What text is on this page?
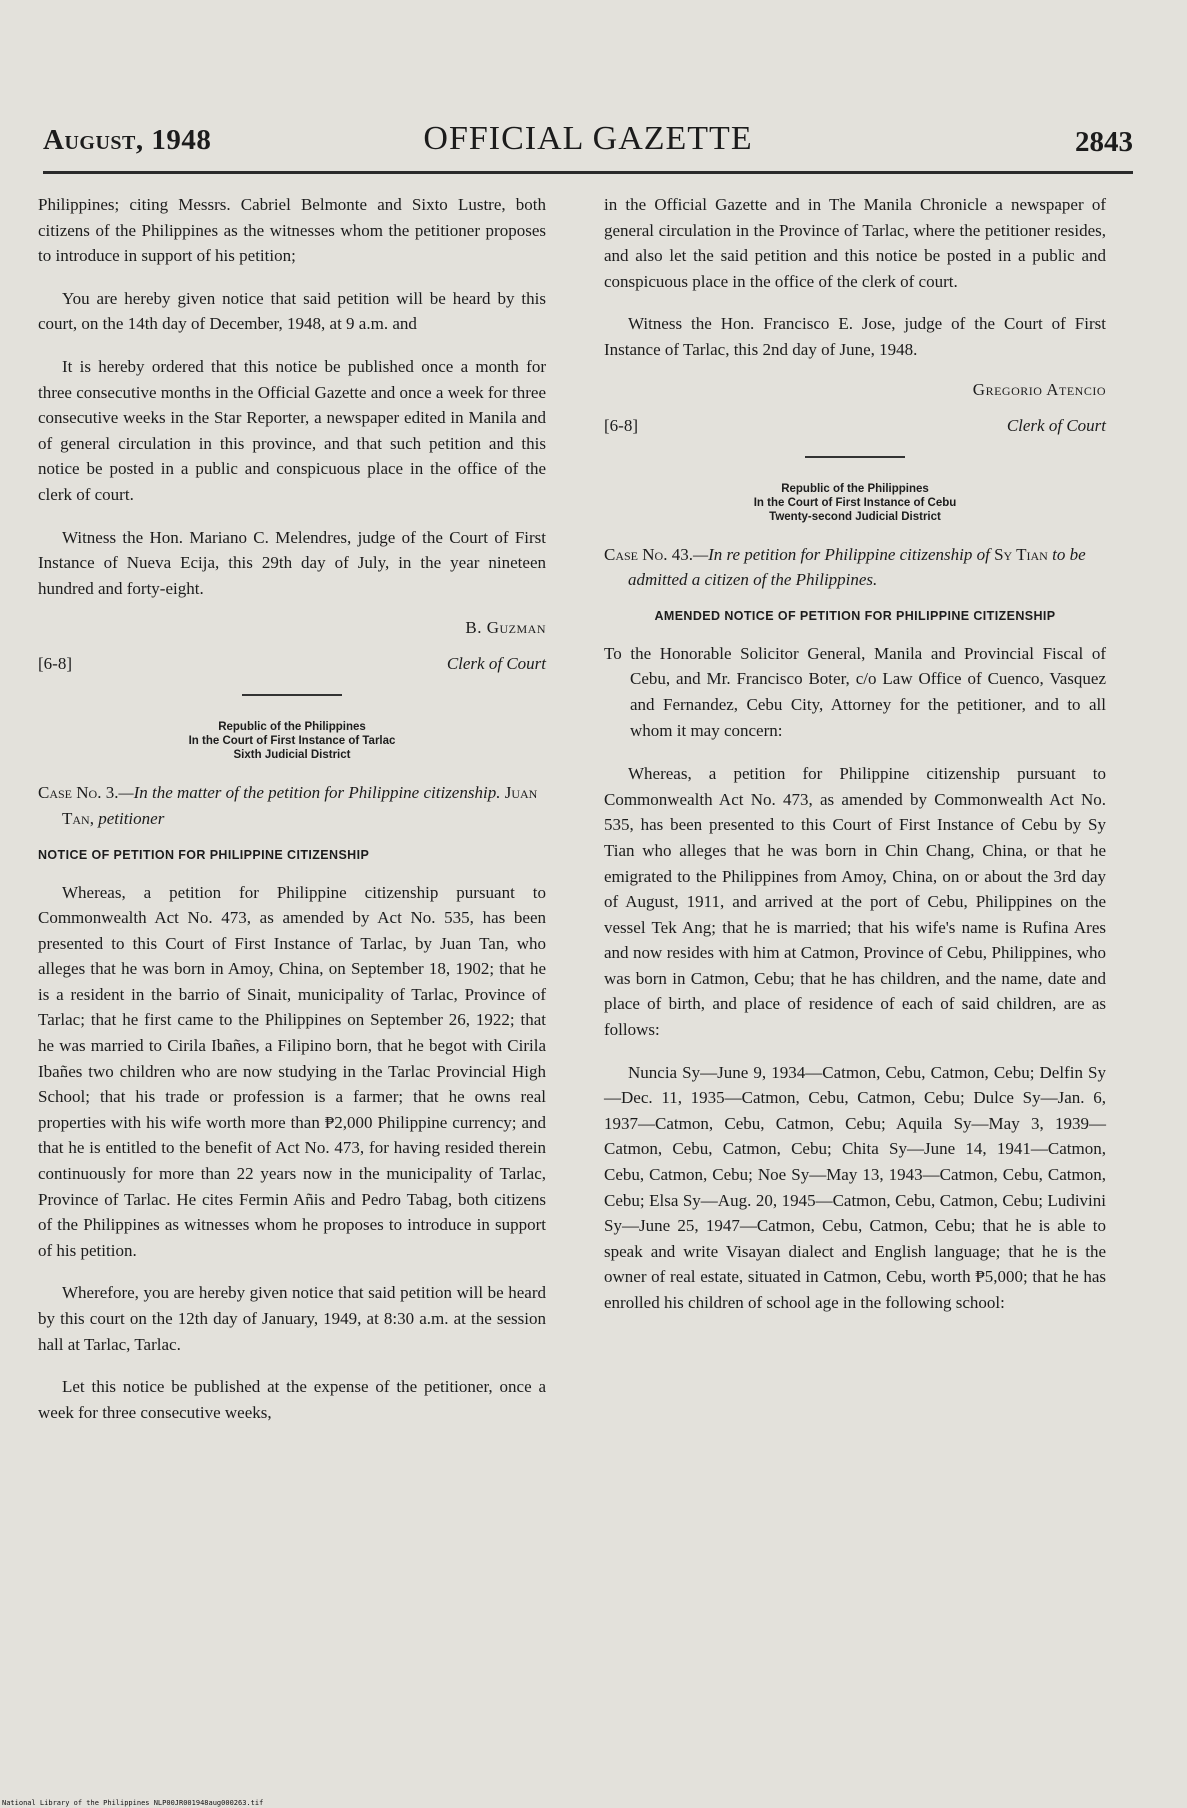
August, 1948	OFFICIAL GAZETTE	2843

Philippines; citing Messrs. Cabriel Belmonte and Sixto Lustre, both citizens of the Philippines as the witnesses whom the petitioner proposes to introduce in support of his petition;

You are hereby given notice that said petition will be heard by this court, on the 14th day of December, 1948, at 9 a.m. and

It is hereby ordered that this notice be published once a month for three consecutive months in the Official Gazette and once a week for three consecutive weeks in the Star Reporter, a newspaper edited in Manila and of general circulation in this province, and that such petition and this notice be posted in a public and conspicuous place in the office of the clerk of court.

Witness the Hon. Mariano C. Melendres, judge of the Court of First Instance of Nueva Ecija, this 29th day of July, in the year nineteen hundred and forty-eight.

B. Guzman
[6-8]	Clerk of Court
Republic of the Philippines
In the Court of First Instance of Tarlac
Sixth Judicial District
Case No. 3.—In the matter of the petition for Philippine citizenship. Juan Tan, petitioner
NOTICE OF PETITION FOR PHILIPPINE CITIZENSHIP

Whereas, a petition for Philippine citizenship pursuant to Commonwealth Act No. 473, as amended by Act No. 535, has been presented to this Court of First Instance of Tarlac, by Juan Tan, who alleges that he was born in Amoy, China, on September 18, 1902; that he is a resident in the barrio of Sinait, municipality of Tarlac, Province of Tarlac; that he first came to the Philippines on September 26, 1922; that he was married to Cirila Ibañes, a Filipino born, that he begot with Cirila Ibañes two children who are now studying in the Tarlac Provincial High School; that his trade or profession is a farmer; that he owns real properties with his wife worth more than ₱2,000 Philippine currency; and that he is entitled to the benefit of Act No. 473, for having resided therein continuously for more than 22 years now in the municipality of Tarlac, Province of Tarlac. He cites Fermin Añis and Pedro Tabag, both citizens of the Philippines as witnesses whom he proposes to introduce in support of his petition.

Wherefore, you are hereby given notice that said petition will be heard by this court on the 12th day of January, 1949, at 8:30 a.m. at the session hall at Tarlac, Tarlac.

Let this notice be published at the expense of the petitioner, once a week for three consecutive weeks,

in the Official Gazette and in The Manila Chronicle a newspaper of general circulation in the Province of Tarlac, where the petitioner resides, and also let the said petition and this notice be posted in a public and conspicuous place in the office of the clerk of court.

Witness the Hon. Francisco E. Jose, judge of the Court of First Instance of Tarlac, this 2nd day of June, 1948.

Gregorio Atencio
[6-8]	Clerk of Court
Republic of the Philippines
In the Court of First Instance of Cebu
Twenty-second Judicial District
Case No. 43.—In re petition for Philippine citizenship of Sy Tian to be admitted a citizen of the Philippines.
AMENDED NOTICE OF PETITION FOR PHILIPPINE CITIZENSHIP
To the Honorable Solicitor General, Manila and Provincial Fiscal of Cebu, and Mr. Francisco Boter, c/o Law Office of Cuenco, Vasquez and Fernandez, Cebu City, Attorney for the petitioner, and to all whom it may concern:

Whereas, a petition for Philippine citizenship pursuant to Commonwealth Act No. 473, as amended by Commonwealth Act No. 535, has been presented to this Court of First Instance of Cebu by Sy Tian who alleges that he was born in Chin Chang, China, or that he emigrated to the Philippines from Amoy, China, on or about the 3rd day of August, 1911, and arrived at the port of Cebu, Philippines on the vessel Tek Ang; that he is married; that his wife's name is Rufina Ares and now resides with him at Catmon, Province of Cebu, Philippines, who was born in Catmon, Cebu; that he has children, and the name, date and place of birth, and place of residence of each of said children, are as follows:

Nuncia Sy—June 9, 1934—Catmon, Cebu, Catmon, Cebu; Delfin Sy—Dec. 11, 1935—Catmon, Cebu, Catmon, Cebu; Dulce Sy—Jan. 6, 1937—Catmon, Cebu, Catmon, Cebu; Aquila Sy—May 3, 1939—Catmon, Cebu, Catmon, Cebu; Chita Sy—June 14, 1941—Catmon, Cebu, Catmon, Cebu; Noe Sy—May 13, 1943—Catmon, Cebu, Catmon, Cebu; Elsa Sy—Aug. 20, 1945—Catmon, Cebu, Catmon, Cebu; Ludivini Sy—June 25, 1947—Catmon, Cebu, Catmon, Cebu; that he is able to speak and write Visayan dialect and English language; that he is the owner of real estate, situated in Catmon, Cebu, worth ₱5,000; that he has enrolled his children of school age in the following school:

National Library of the Philippines NLP00JR001948aug000263.tif
